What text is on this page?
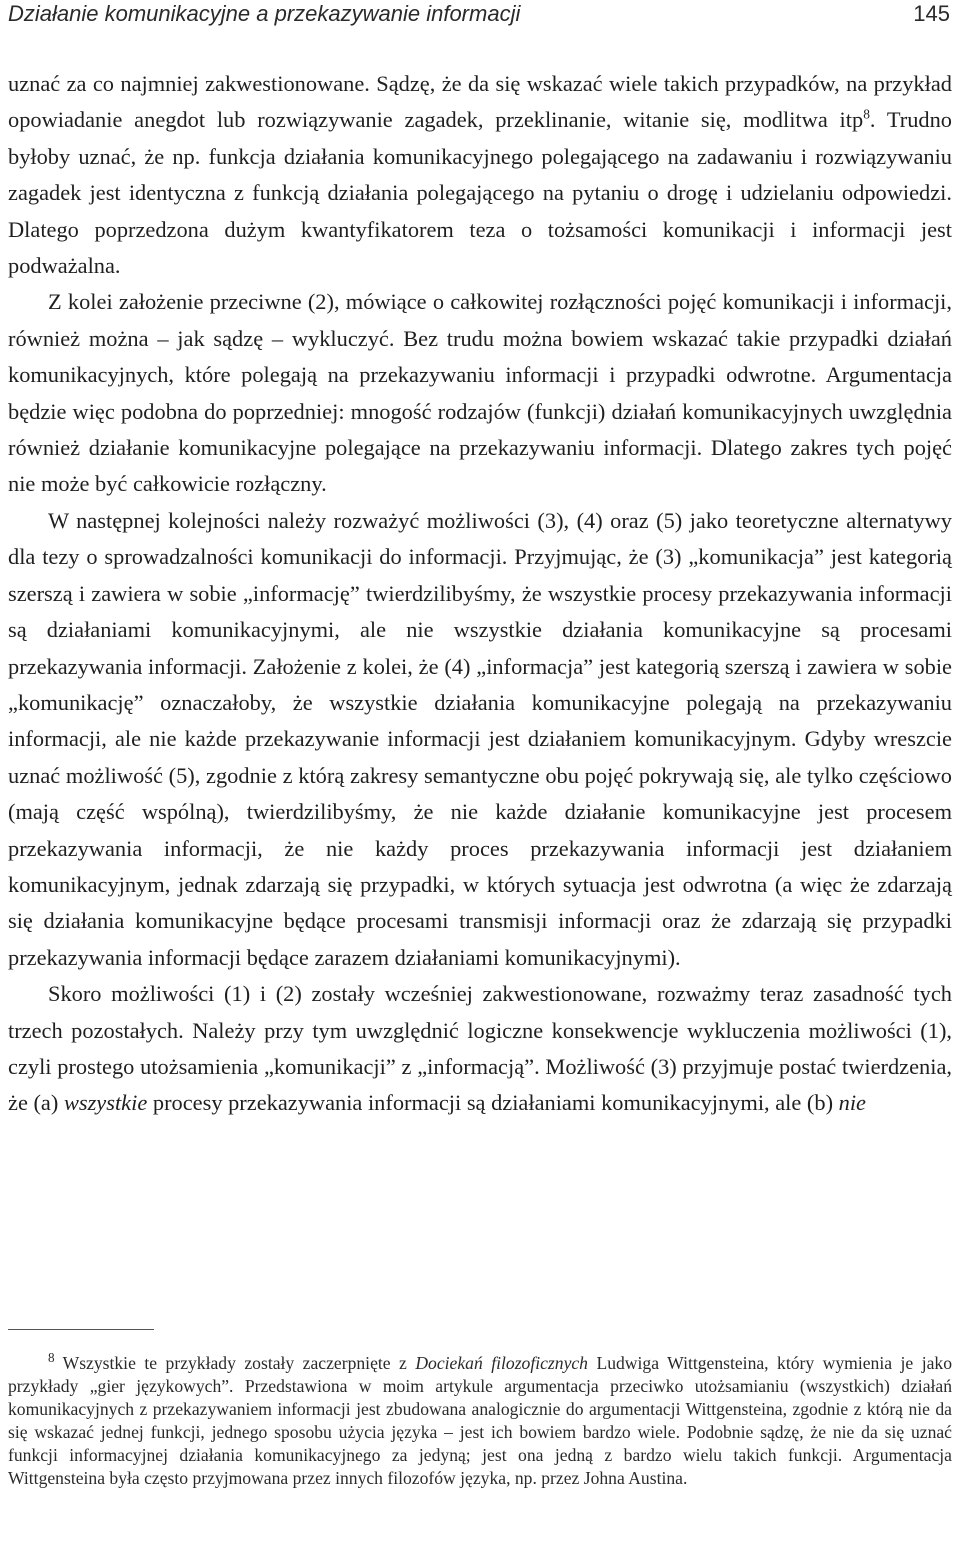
Działanie komunikacyjne a przekazywanie informacji	145

uznać za co najmniej zakwestionowane. Sądzę, że da się wskazać wiele takich przypadków, na przykład opowiadanie anegdot lub rozwiązywanie zagadek, przeklinanie, witanie się, modlitwa itp$^8$. Trudno byłoby uznać, że np. funkcja działania komunikacyjnego polegającego na zadawaniu i rozwiązywaniu zagadek jest identyczna z funkcją działania polegającego na pytaniu o drogę i udzielaniu odpowiedzi. Dlatego poprzedzona dużym kwantyfikatorem teza o tożsamości komunikacji i informacji jest podważalna.

Z kolei założenie przeciwne (2), mówiące o całkowitej rozłączności pojęć komunikacji i informacji, również można – jak sądzę – wykluczyć. Bez trudu można bowiem wskazać takie przypadki działań komunikacyjnych, które polegają na przekazywaniu informacji i przypadki odwrotne. Argumentacja będzie więc podobna do poprzedniej: mnogość rodzajów (funkcji) działań komunikacyjnych uwzględnia również działanie komunikacyjne polegające na przekazywaniu informacji. Dlatego zakres tych pojęć nie może być całkowicie rozłączny.

W następnej kolejności należy rozważyć możliwości (3), (4) oraz (5) jako teoretyczne alternatywy dla tezy o sprowadzalności komunikacji do informacji. Przyjmując, że (3) „komunikacja” jest kategorią szerszą i zawiera w sobie „informację” twierdzilibyśmy, że wszystkie procesy przekazywania informacji są działaniami komunikacyjnymi, ale nie wszystkie działania komunikacyjne są procesami przekazywania informacji. Założenie z kolei, że (4) „informacja” jest kategorią szerszą i zawiera w sobie „komunikację” oznaczałoby, że wszystkie działania komunikacyjne polegają na przekazywaniu informacji, ale nie każde przekazywanie informacji jest działaniem komunikacyjnym. Gdyby wreszcie uznać możliwość (5), zgodnie z którą zakresy semantyczne obu pojęć pokrywają się, ale tylko częściowo (mają część wspólną), twierdzilibyśmy, że nie każde działanie komunikacyjne jest procesem przekazywania informacji, że nie każdy proces przekazywania informacji jest działaniem komunikacyjnym, jednak zdarzają się przypadki, w których sytuacja jest odwrotna (a więc że zdarzają się działania komunikacyjne będące procesami transmisji informacji oraz że zdarzają się przypadki przekazywania informacji będące zarazem działaniami komunikacyjnymi).

Skoro możliwości (1) i (2) zostały wcześniej zakwestionowane, rozważmy teraz zasadność tych trzech pozostałych. Należy przy tym uwzględnić logiczne konsekwencje wykluczenia możliwości (1), czyli prostego utożsamienia „komunikacji” z „informacją”. Możliwość (3) przyjmuje postać twierdzenia, że (a) wszystkie procesy przekazywania informacji są działaniami komunikacyjnymi, ale (b) nie

$^8$ Wszystkie te przykłady zostały zaczerpnięte z Dociekań filozoficznych Ludwiga Wittgensteina, który wymienia je jako przykłady „gier językowych”. Przedstawiona w moim artykule argumentacja przeciwko utożsamianiu (wszystkich) działań komunikacyjnych z przekazywaniem informacji jest zbudowana analogicznie do argumentacji Wittgensteina, zgodnie z którą nie da się wskazać jednej funkcji, jednego sposobu użycia języka – jest ich bowiem bardzo wiele. Podobnie sądzę, że nie da się uznać funkcji informacyjnej działania komunikacyjnego za jedyną; jest ona jedną z bardzo wielu takich funkcji. Argumentacja Wittgensteina była często przyjmowana przez innych filozofów języka, np. przez Johna Austina.
